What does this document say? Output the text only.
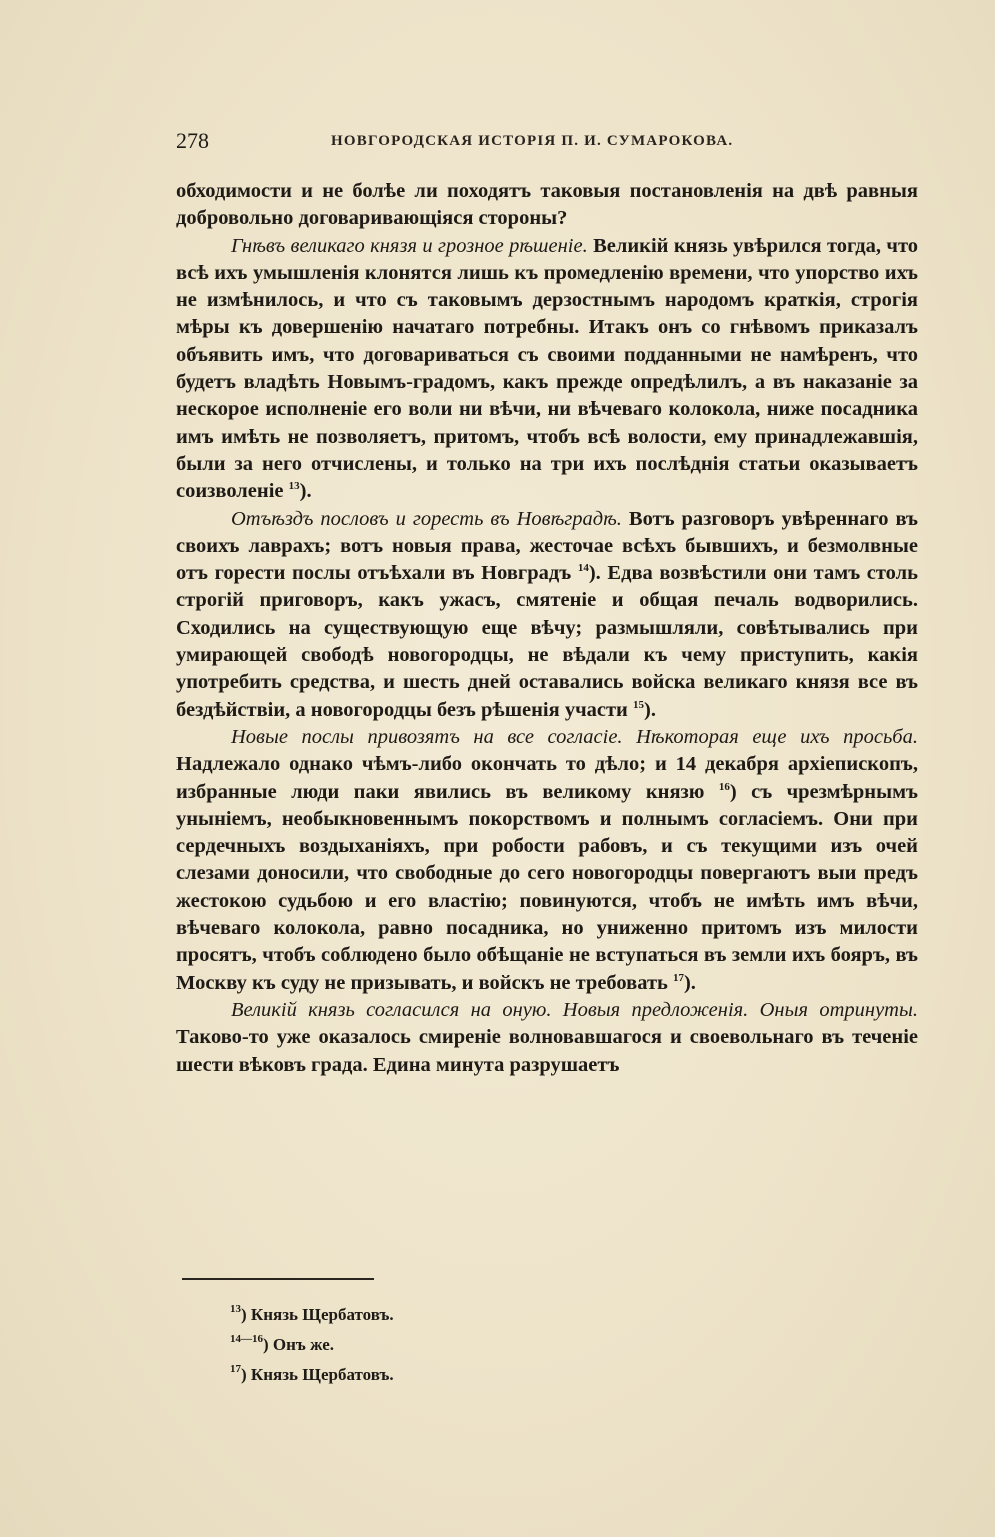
278	НОВГОРОДСКАЯ ИСТОРІЯ П. И. СУМАРОКОВА.

обходимости и не болѣе ли походятъ таковыя постановленія на двѣ равныя добровольно договаривающіяся стороны?

Гнѣвъ великаго князя и грозное рѣшеніе. Великій князь увѣрился тогда, что всѣ ихъ умышленія клонятся лишь къ промедленію времени, что упорство ихъ не измѣнилось, и что съ таковымъ дерзостнымъ народомъ краткія, строгія мѣры къ довершенію начатаго потребны. Итакъ онъ со гнѣвомъ приказалъ объявить имъ, что договариваться съ своими подданными не намѣренъ, что будетъ владѣть Новымъ-градомъ, какъ прежде опредѣлилъ, а въ наказаніе за нескорое исполненіе его воли ни вѣчи, ни вѣчеваго колокола, ниже посадника имъ имѣть не позволяетъ, притомъ, чтобъ всѣ волости, ему принадлежавшія, были за него отчислены, и только на три ихъ послѣднія статьи оказываетъ соизволеніе $^{13}$).

Отъѣздъ пословъ и горесть въ Новѣградѣ. Вотъ разговоръ увѣреннаго въ своихъ лаврахъ; вотъ новыя права, жесточае всѣхъ бывшихъ, и безмолвные отъ горести послы отъѣхали въ Новградъ $^{14}$). Едва возвѣстили они тамъ столь строгій приговоръ, какъ ужасъ, смятеніе и общая печаль водворились. Сходились на существующую еще вѣчу; размышляли, совѣтывались при умирающей свободѣ новогородцы, не вѣдали къ чему приступить, какія употребить средства, и шесть дней оставались войска великаго князя все въ бездѣйствіи, а новогородцы безъ рѣшенія участи $^{15}$).

Новые послы привозятъ на все согласіе. Нѣкоторая еще ихъ просьба. Надлежало однако чѣмъ-либо окончать то дѣло; и 14 декабря архіепископъ, избранные люди паки явились въ великому князю $^{16}$) съ чрезмѣрнымъ уныніемъ, необыкновеннымъ покорствомъ и полнымъ согласіемъ. Они при сердечныхъ воздыханіяхъ, при робости рабовъ, и съ текущими изъ очей слезами доносили, что свободные до сего новогородцы повергаютъ выи предъ жестокою судьбою и его властію; повинуются, чтобъ не имѣть имъ вѣчи, вѣчеваго колокола, равно посадника, но униженно притомъ изъ милости просятъ, чтобъ соблюдено было обѣщаніе не вступаться въ земли ихъ бояръ, въ Москву къ суду не призывать, и войскъ не требовать $^{17}$).

Великій князь согласился на оную. Новыя предложенія. Оныя отринуты. Таково-то уже оказалось смиреніе волновавшагося и своевольнаго въ теченіе шести вѣковъ града. Едина минута разрушаетъ

$^{13}$) Князь Щербатовъ.
$^{14—16}$) Онъ же.
$^{17}$) Князь Щербатовъ.
